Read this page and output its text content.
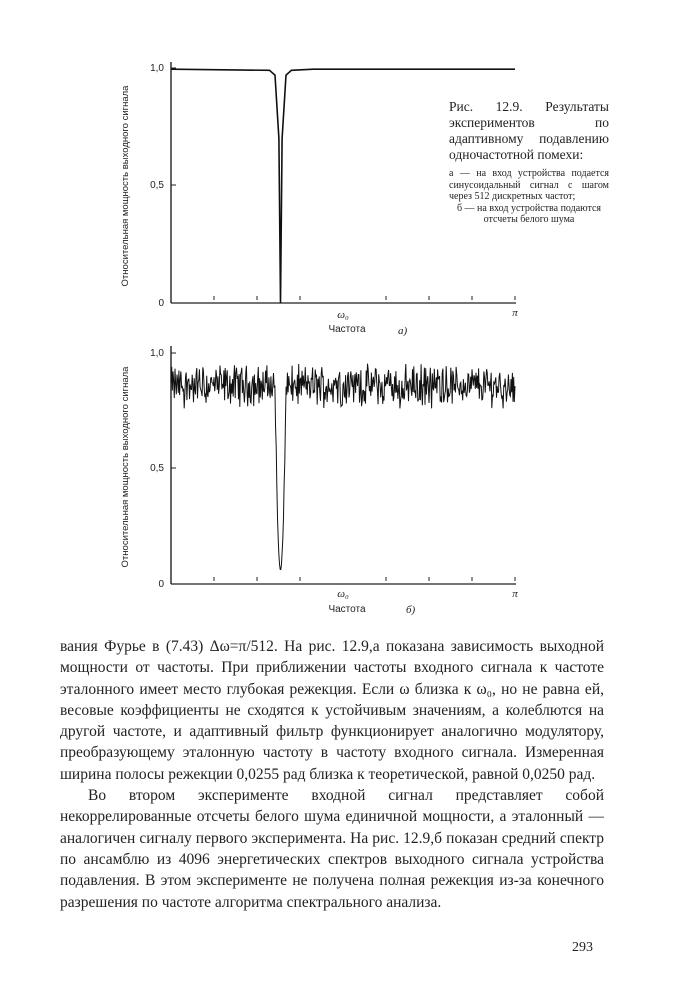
Относительная мощность выходного сигнала
1,0
0,5
0
ω₀	π
Частота	а)
Относительная мощность выходного сигнала
1,0
0,5
0
ω₀	π
Частота	б)
Рис. 12.9. Результаты экспериментов по адаптивному подавлению одночастотной помехи:
а — на вход устройства подается синусоидальный сигнал с шагом через 512 дискретных частот;
б — на вход устройства подаются отсчеты белого шума

вания Фурье в (7.43) Δω=π/512. На рис. 12.9,а показана зависимость выходной мощности от частоты. При приближении частоты входного сигнала к частоте эталонного имеет место глубокая режекция. Если ω близка к ω₀, но не равна ей, весовые коэффициенты не сходятся к устойчивым значениям, а колеблются на другой частоте, и адаптивный фильтр функционирует аналогично модулятору, преобразующему эталонную частоту в частоту входного сигнала. Измеренная ширина полосы режекции 0,0255 рад близка к теоретической, равной 0,0250 рад.

Во втором эксперименте входной сигнал представляет собой некоррелированные отсчеты белого шума единичной мощности, а эталонный — аналогичен сигналу первого эксперимента. На рис. 12.9,б показан средний спектр по ансамблю из 4096 энергетических спектров выходного сигнала устройства подавления. В этом эксперименте не получена полная режекция из-за конечного разрешения по частоте алгоритма спектрального анализа.

293
